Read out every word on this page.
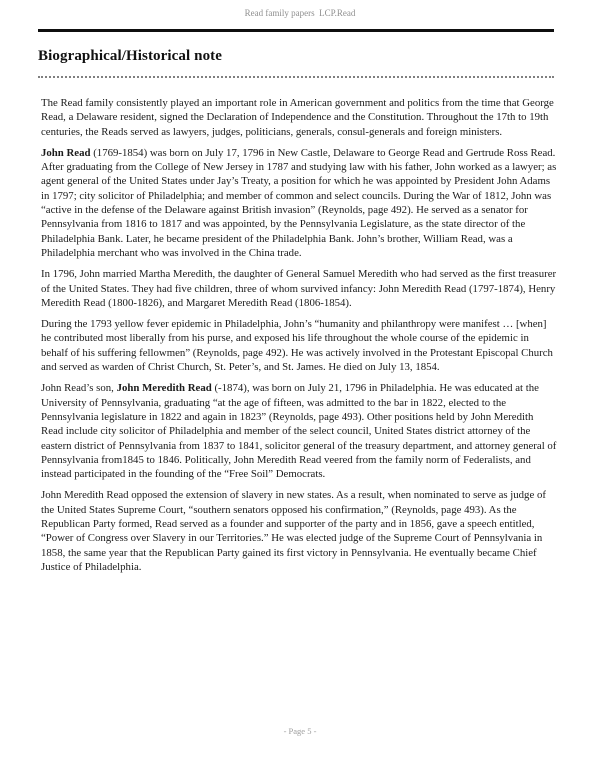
Read family papers  LCP.Read
Biographical/Historical note

The Read family consistently played an important role in American government and politics from the time that George Read, a Delaware resident, signed the Declaration of Independence and the Constitution. Throughout the 17th to 19th centuries, the Reads served as lawyers, judges, politicians, generals, consul-generals and foreign ministers.

John Read (1769-1854) was born on July 17, 1796 in New Castle, Delaware to George Read and Gertrude Ross Read. After graduating from the College of New Jersey in 1787 and studying law with his father, John worked as a lawyer; as agent general of the United States under Jay’s Treaty, a position for which he was appointed by President John Adams in 1797; city solicitor of Philadelphia; and member of common and select councils. During the War of 1812, John was “active in the defense of the Delaware against British invasion” (Reynolds, page 492). He served as a senator for Pennsylvania from 1816 to 1817 and was appointed, by the Pennsylvania Legislature, as the state director of the Philadelphia Bank. Later, he became president of the Philadelphia Bank. John’s brother, William Read, was a Philadelphia merchant who was involved in the China trade.

In 1796, John married Martha Meredith, the daughter of General Samuel Meredith who had served as the first treasurer of the United States. They had five children, three of whom survived infancy: John Meredith Read (1797-1874), Henry Meredith Read (1800-1826), and Margaret Meredith Read (1806-1854).

During the 1793 yellow fever epidemic in Philadelphia, John’s “humanity and philanthropy were manifest … [when] he contributed most liberally from his purse, and exposed his life throughout the whole course of the epidemic in behalf of his suffering fellowmen” (Reynolds, page 492). He was actively involved in the Protestant Episcopal Church and served as warden of Christ Church, St. Peter’s, and St. James. He died on July 13, 1854.

John Read’s son, John Meredith Read (-1874), was born on July 21, 1796 in Philadelphia. He was educated at the University of Pennsylvania, graduating “at the age of fifteen, was admitted to the bar in 1822, elected to the Pennsylvania legislature in 1822 and again in 1823” (Reynolds, page 493). Other positions held by John Meredith Read include city solicitor of Philadelphia and member of the select council, United States district attorney of the eastern district of Pennsylvania from 1837 to 1841, solicitor general of the treasury department, and attorney general of Pennsylvania from1845 to 1846. Politically, John Meredith Read veered from the family norm of Federalists, and instead participated in the founding of the “Free Soil” Democrats.

John Meredith Read opposed the extension of slavery in new states. As a result, when nominated to serve as judge of the United States Supreme Court, “southern senators opposed his confirmation,” (Reynolds, page 493). As the Republican Party formed, Read served as a founder and supporter of the party and in 1856, gave a speech entitled, “Power of Congress over Slavery in our Territories.” He was elected judge of the Supreme Court of Pennsylvania in 1858, the same year that the Republican Party gained its first victory in Pennsylvania. He eventually became Chief Justice of Philadelphia.

- Page 5 -
